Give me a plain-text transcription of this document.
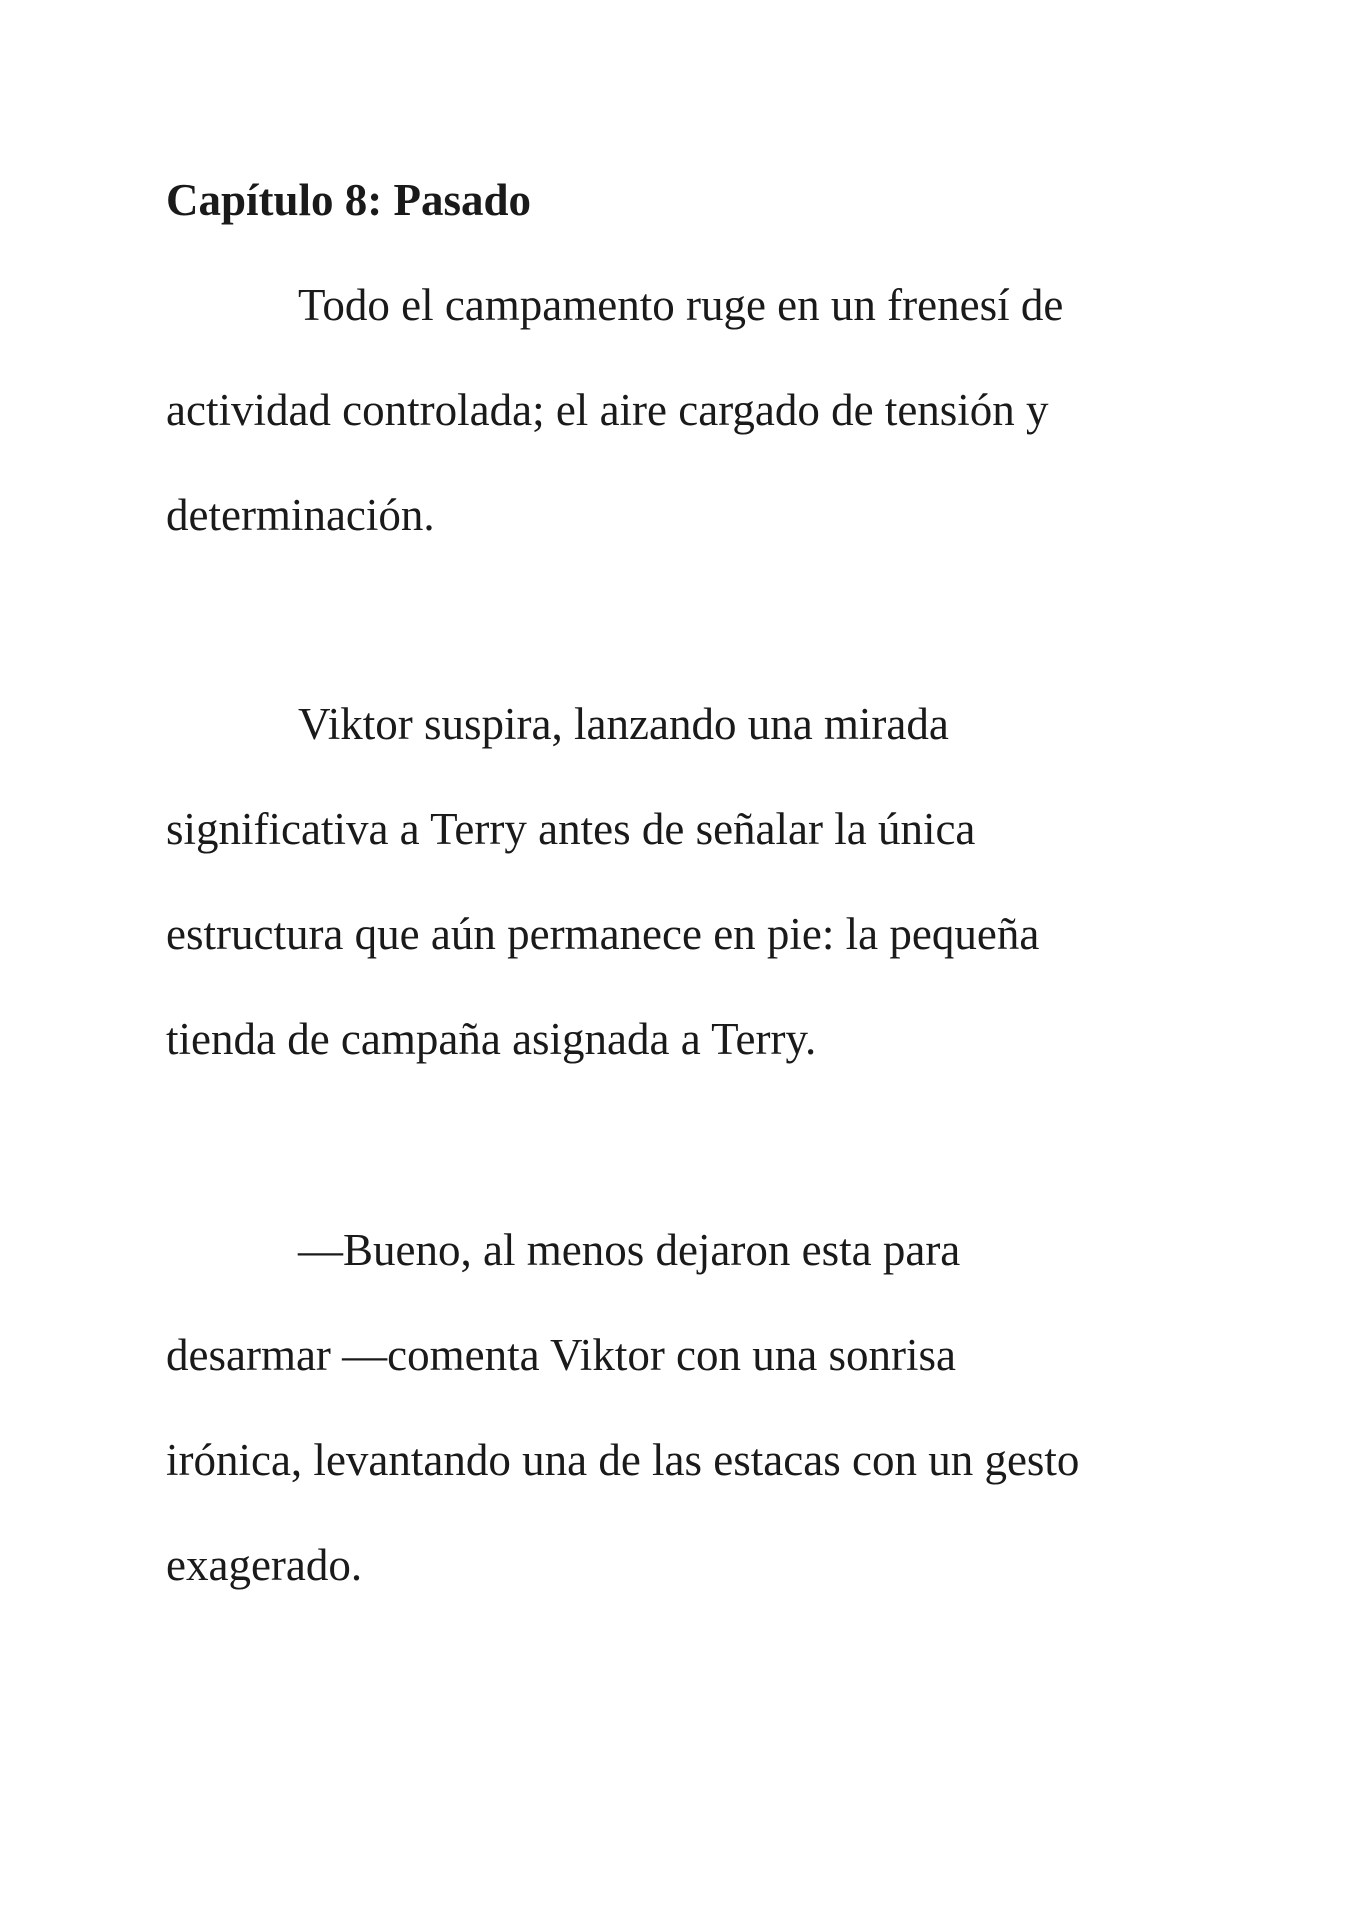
Capítulo 8: Pasado

Todo el campamento ruge en un frenesí de
actividad controlada; el aire cargado de tensión y
determinación.

Viktor suspira, lanzando una mirada
significativa a Terry antes de señalar la única
estructura que aún permanece en pie: la pequeña
tienda de campaña asignada a Terry.

—Bueno, al menos dejaron esta para
desarmar —comenta Viktor con una sonrisa
irónica, levantando una de las estacas con un gesto
exagerado.
